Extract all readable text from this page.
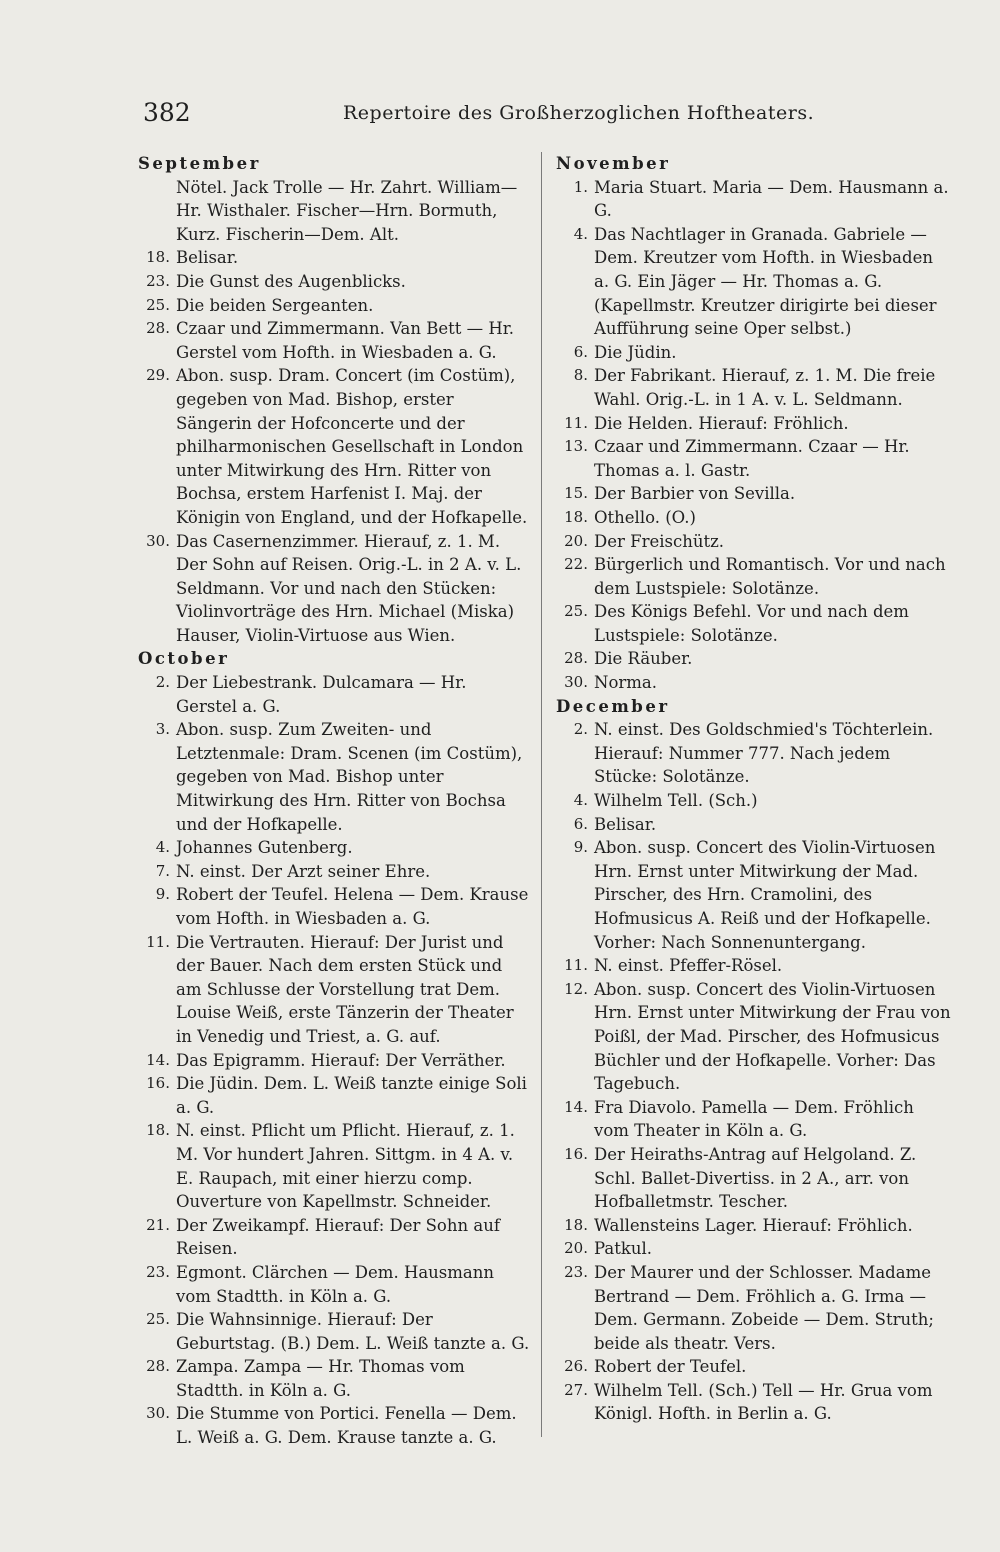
382	Repertoire des Großherzoglichen Hoftheaters.
September
Nötel. Jack Trolle — Hr. Zahrt. William—Hr. Wisthaler. Fischer—Hrn. Bormuth, Kurz. Fischerin—Dem. Alt.
18. Belisar.
23. Die Gunst des Augenblicks.
25. Die beiden Sergeanten.
28. Czaar und Zimmermann. Van Bett — Hr. Gerstel vom Hofth. in Wiesbaden a. G.
29. Abon. susp. Dram. Concert (im Costüm), gegeben von Mad. Bishop, erster Sängerin der Hofconcerte und der philharmonischen Gesellschaft in London unter Mitwirkung des Hrn. Ritter von Bochsa, erstem Harfenist I. Maj. der Königin von England, und der Hofkapelle.
30. Das Casernenzimmer. Hierauf, z. 1. M. Der Sohn auf Reisen. Orig.-L. in 2 A. v. L. Seldmann. Vor und nach den Stücken: Violinvorträge des Hrn. Michael (Miska) Hauser, Violin-Virtuose aus Wien.
October
2. Der Liebestrank. Dulcamara — Hr. Gerstel a. G.
3. Abon. susp. Zum Zweiten- und Letztenmale: Dram. Scenen (im Costüm), gegeben von Mad. Bishop unter Mitwirkung des Hrn. Ritter von Bochsa und der Hofkapelle.
4. Johannes Gutenberg.
7. N. einst. Der Arzt seiner Ehre.
9. Robert der Teufel. Helena — Dem. Krause vom Hofth. in Wiesbaden a. G.
11. Die Vertrauten. Hierauf: Der Jurist und der Bauer. Nach dem ersten Stück und am Schlusse der Vorstellung trat Dem. Louise Weiß, erste Tänzerin der Theater in Venedig und Triest, a. G. auf.
14. Das Epigramm. Hierauf: Der Verräther.
16. Die Jüdin. Dem. L. Weiß tanzte einige Soli a. G.
18. N. einst. Pflicht um Pflicht. Hierauf, z. 1. M. Vor hundert Jahren. Sittgm. in 4 A. v. E. Raupach, mit einer hierzu comp. Ouverture von Kapellmstr. Schneider.
21. Der Zweikampf. Hierauf: Der Sohn auf Reisen.
23. Egmont. Clärchen — Dem. Hausmann vom Stadtth. in Köln a. G.
25. Die Wahnsinnige. Hierauf: Der Geburtstag. (B.) Dem. L. Weiß tanzte a. G.
28. Zampa. Zampa — Hr. Thomas vom Stadtth. in Köln a. G.
30. Die Stumme von Portici. Fenella — Dem. L. Weiß a. G. Dem. Krause tanzte a. G.
November
1. Maria Stuart. Maria — Dem. Hausmann a. G.
4. Das Nachtlager in Granada. Gabriele — Dem. Kreutzer vom Hofth. in Wiesbaden a. G. Ein Jäger — Hr. Thomas a. G. (Kapellmstr. Kreutzer dirigirte bei dieser Aufführung seine Oper selbst.)
6. Die Jüdin.
8. Der Fabrikant. Hierauf, z. 1. M. Die freie Wahl. Orig.-L. in 1 A. v. L. Seldmann.
11. Die Helden. Hierauf: Fröhlich.
13. Czaar und Zimmermann. Czaar — Hr. Thomas a. l. Gastr.
15. Der Barbier von Sevilla.
18. Othello. (O.)
20. Der Freischütz.
22. Bürgerlich und Romantisch. Vor und nach dem Lustspiele: Solotänze.
25. Des Königs Befehl. Vor und nach dem Lustspiele: Solotänze.
28. Die Räuber.
30. Norma.
December
2. N. einst. Des Goldschmied's Töchterlein. Hierauf: Nummer 777. Nach jedem Stücke: Solotänze.
4. Wilhelm Tell. (Sch.)
6. Belisar.
9. Abon. susp. Concert des Violin-Virtuosen Hrn. Ernst unter Mitwirkung der Mad. Pirscher, des Hrn. Cramolini, des Hofmusicus A. Reiß und der Hofkapelle. Vorher: Nach Sonnenuntergang.
11. N. einst. Pfeffer-Rösel.
12. Abon. susp. Concert des Violin-Virtuosen Hrn. Ernst unter Mitwirkung der Frau von Poißl, der Mad. Pirscher, des Hofmusicus Büchler und der Hofkapelle. Vorher: Das Tagebuch.
14. Fra Diavolo. Pamella — Dem. Fröhlich vom Theater in Köln a. G.
16. Der Heiraths-Antrag auf Helgoland. Z. Schl. Ballet-Divertiss. in 2 A., arr. von Hofballetmstr. Tescher.
18. Wallensteins Lager. Hierauf: Fröhlich.
20. Patkul.
23. Der Maurer und der Schlosser. Madame Bertrand — Dem. Fröhlich a. G. Irma — Dem. Germann. Zobeide — Dem. Struth; beide als theatr. Vers.
26. Robert der Teufel.
27. Wilhelm Tell. (Sch.) Tell — Hr. Grua vom Königl. Hofth. in Berlin a. G.
